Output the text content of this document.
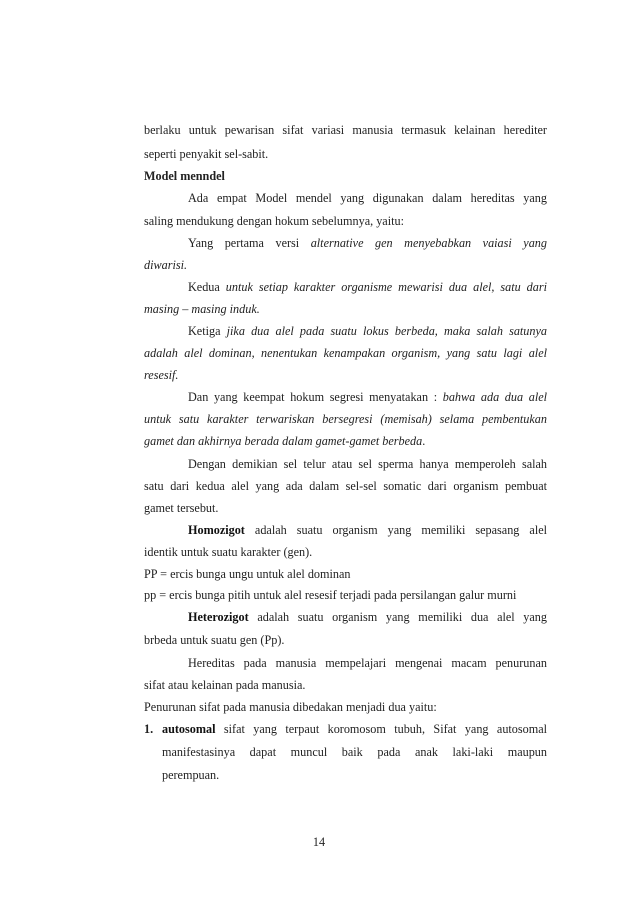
berlaku untuk pewarisan sifat variasi manusia termasuk kelainan herediter
seperti penyakit sel-sabit.
Model menndel
Ada empat Model mendel yang digunakan dalam hereditas yang
saling mendukung dengan hokum sebelumnya, yaitu:
Yang pertama versi alternative gen menyebabkan vaiasi yang
diwarisi.
Kedua untuk setiap karakter organisme mewarisi dua alel, satu dari
masing – masing induk.
Ketiga jika dua alel pada suatu lokus berbeda, maka salah satunya
adalah alel dominan, nenentukan kenampakan organism, yang satu lagi alel
resesif.
Dan yang keempat hokum segresi menyatakan : bahwa ada dua alel
untuk satu karakter terwariskan bersegresi (memisah) selama pembentukan
gamet dan akhirnya berada dalam gamet-gamet berbeda.
Dengan demikian sel telur atau sel sperma hanya memperoleh salah
satu dari kedua alel yang ada dalam sel-sel somatic dari organism pembuat
gamet tersebut.
Homozigot adalah suatu organism yang memiliki sepasang alel
identik untuk suatu karakter (gen).
PP = ercis bunga ungu untuk alel dominan
pp = ercis bunga pitih untuk alel resesif terjadi pada persilangan galur murni
Heterozigot adalah suatu organism yang memiliki dua alel yang
brbeda untuk suatu gen (Pp).
Hereditas pada manusia mempelajari mengenai macam penurunan
sifat atau kelainan pada manusia.
Penurunan sifat pada manusia dibedakan menjadi dua yaitu:
1. autosomal sifat yang terpaut koromosom tubuh, Sifat yang autosomal
manifestasinya dapat muncul baik pada anak laki-laki maupun
perempuan.
14
